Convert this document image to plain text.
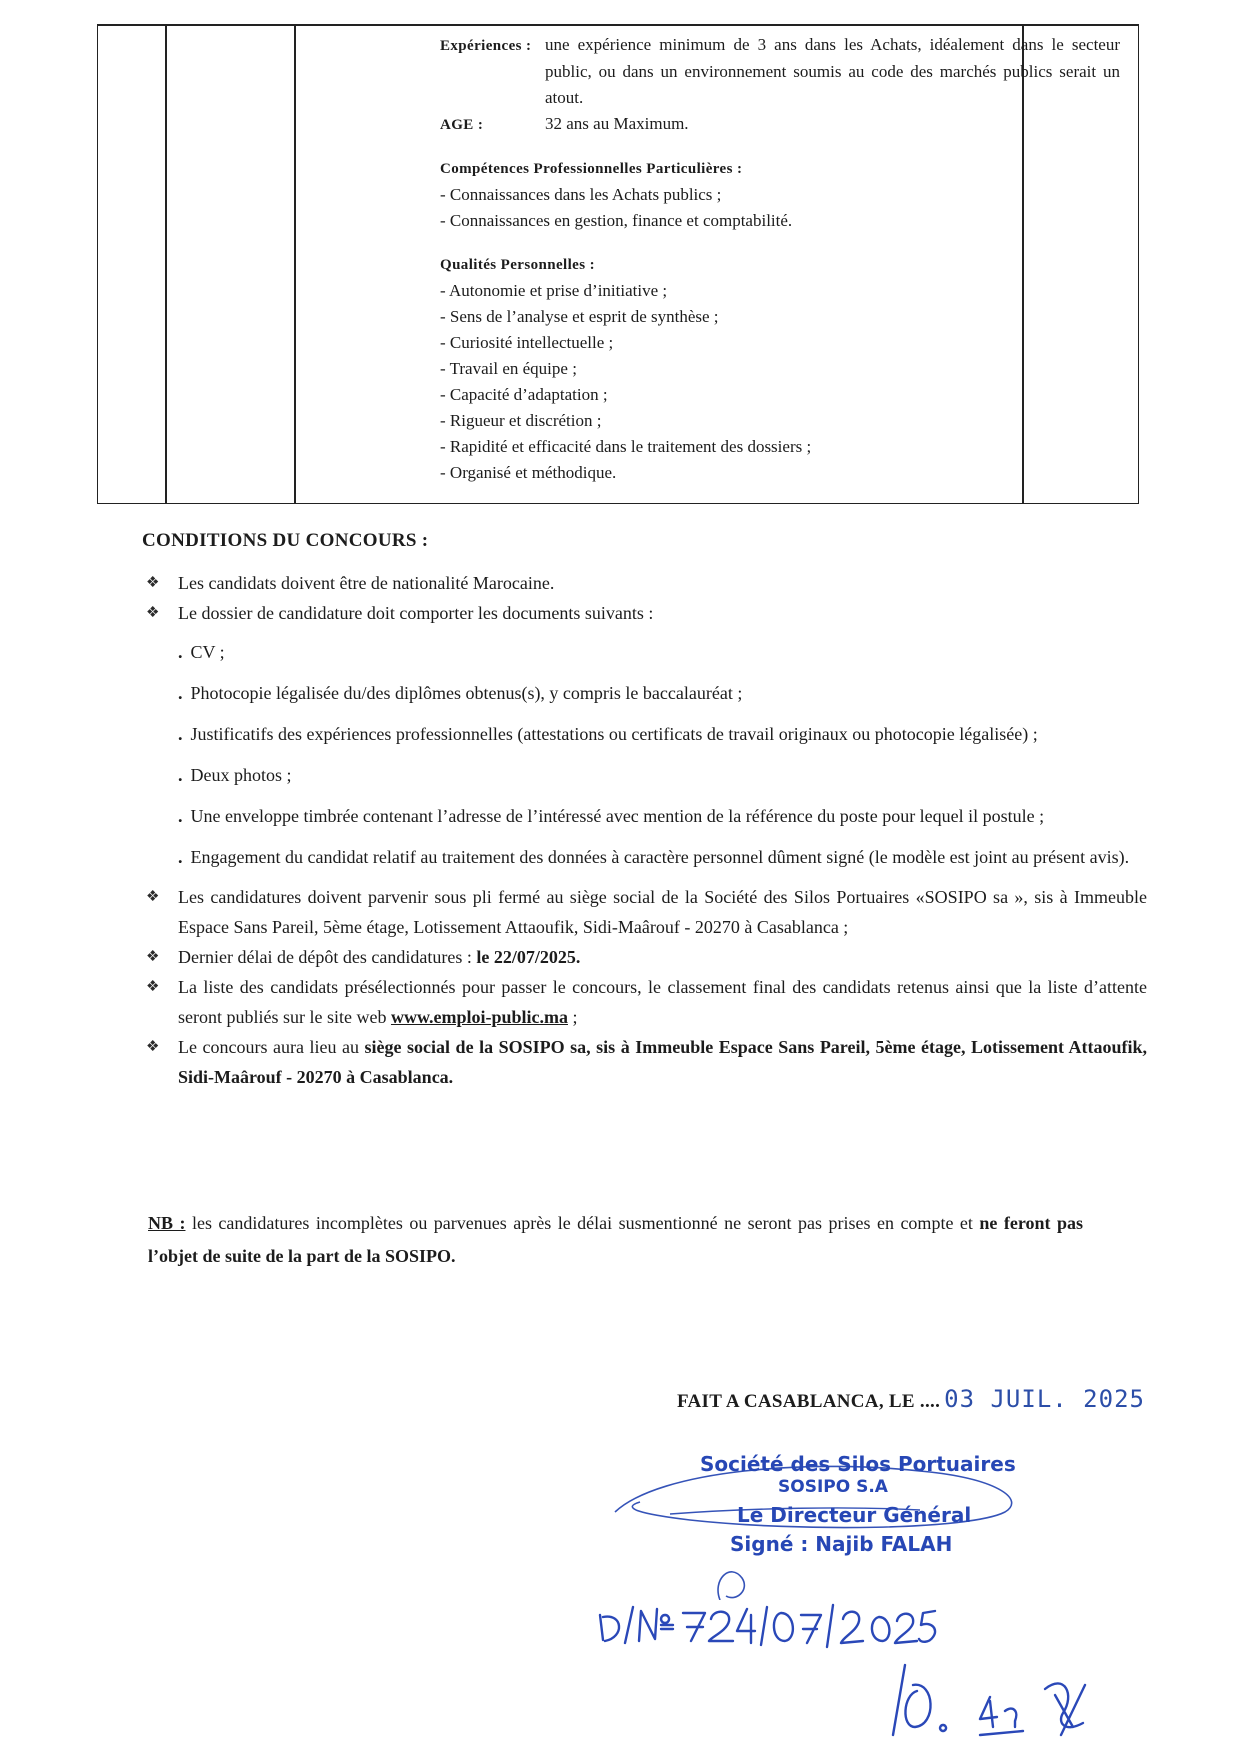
Expériences : une expérience minimum de 3 ans dans les Achats, idéalement dans le secteur public, ou dans un environnement soumis au code des marchés publics serait un atout.
AGE :	32 ans au Maximum.
Compétences Professionnelles Particulières :

- Connaissances dans les Achats publics ;

- Connaissances en gestion, finance et comptabilité.

Qualités Personnelles :

- Autonomie et prise d’initiative ;

- Sens de l’analyse et esprit de synthèse ;

- Curiosité intellectuelle ;

- Travail en équipe ;

- Capacité d’adaptation ;

- Rigueur et discrétion ;

- Rapidité et efficacité dans le traitement des dossiers ;

- Organisé et méthodique.

CONDITIONS DU CONCOURS :

❖ Les candidats doivent être de nationalité Marocaine.

❖ Le dossier de candidature doit comporter les documents suivants :

. CV ;
. Photocopie légalisée du/des diplômes obtenus(s), y compris le baccalauréat ;
. Justificatifs des expériences professionnelles (attestations ou certificats de travail originaux ou photocopie légalisée) ;
. Deux photos ;
. Une enveloppe timbrée contenant l’adresse de l’intéressé avec mention de la référence du poste pour lequel il postule ;
. Engagement du candidat relatif au traitement des données à caractère personnel dûment signé (le modèle est joint au présent avis).

❖ Les candidatures doivent parvenir sous pli fermé au siège social de la Société des Silos Portuaires «SOSIPO sa », sis à Immeuble Espace Sans Pareil, 5ème étage, Lotissement Attaoufik, Sidi-Maârouf - 20270 à Casablanca ;

❖ Dernier délai de dépôt des candidatures : le 22/07/2025.

❖ La liste des candidats présélectionnés pour passer le concours, le classement final des candidats retenus ainsi que la liste d’attente seront publiés sur le site web www.emploi-public.ma ;

❖ Le concours aura lieu au siège social de la SOSIPO sa, sis à Immeuble Espace Sans Pareil, 5ème étage, Lotissement Attaoufik, Sidi-Maârouf - 20270 à Casablanca.

NB : les candidatures incomplètes ou parvenues après le délai susmentionné ne seront pas prises en compte et ne feront pas l’objet de suite de la part de la SOSIPO.
FAIT A CASABLANCA, LE .... 03 JUIL. 2025
Société des Silos Portuaires
SOSIPO S.A
Le Directeur Général
Signé : Najib FALAH
